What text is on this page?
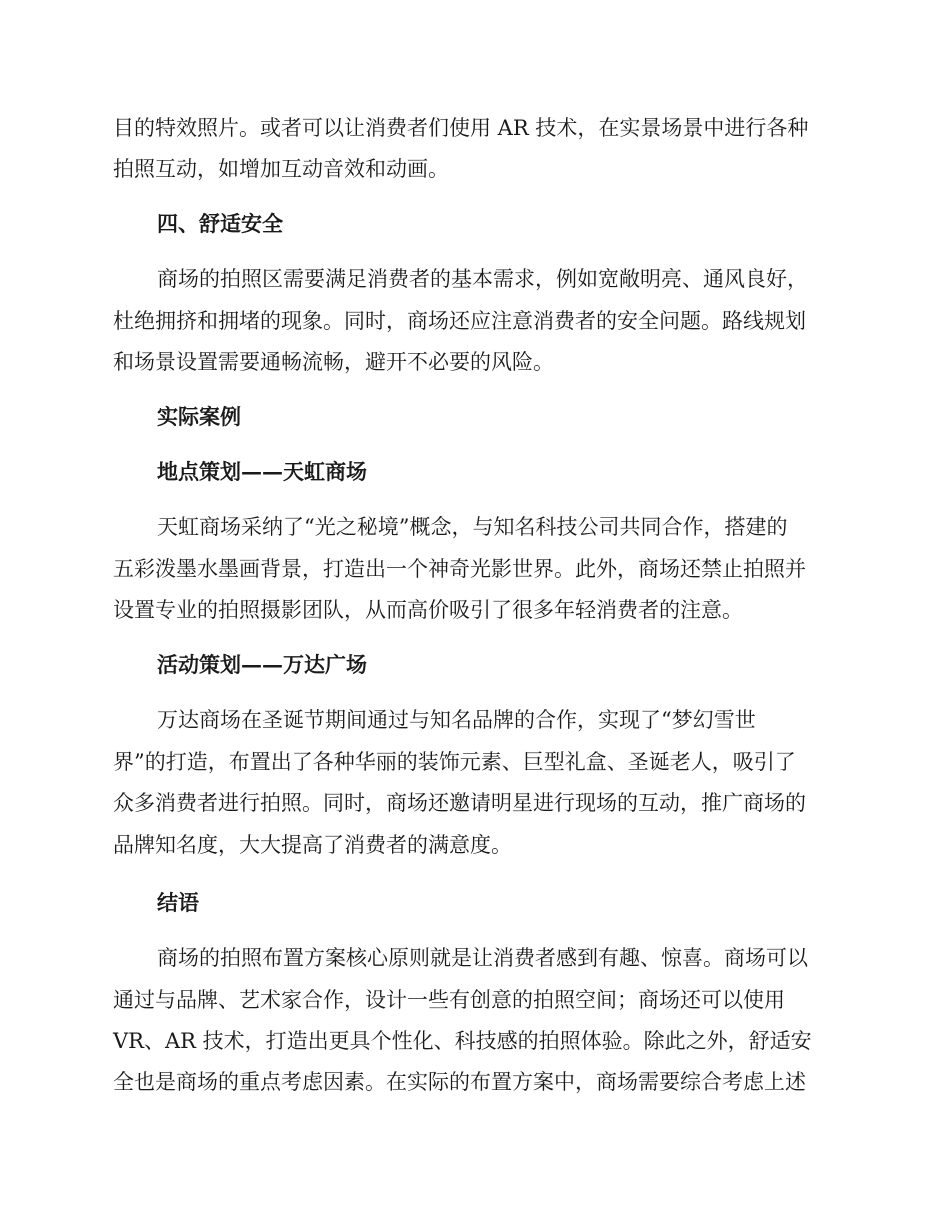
目的特效照片。或者可以让消费者们使用 AR 技术，在实景场景中进行各种
拍照互动，如增加互动音效和动画。
四、舒适安全
商场的拍照区需要满足消费者的基本需求，例如宽敞明亮、通风良好，
杜绝拥挤和拥堵的现象。同时，商场还应注意消费者的安全问题。路线规划
和场景设置需要通畅流畅，避开不必要的风险。
实际案例
地点策划——天虹商场
天虹商场采纳了“光之秘境”概念，与知名科技公司共同合作，搭建的
五彩泼墨水墨画背景，打造出一个神奇光影世界。此外，商场还禁止拍照并
设置专业的拍照摄影团队，从而高价吸引了很多年轻消费者的注意。
活动策划——万达广场
万达商场在圣诞节期间通过与知名品牌的合作，实现了“梦幻雪世
界”的打造，布置出了各种华丽的装饰元素、巨型礼盒、圣诞老人，吸引了
众多消费者进行拍照。同时，商场还邀请明星进行现场的互动，推广商场的
品牌知名度，大大提高了消费者的满意度。
结语
商场的拍照布置方案核心原则就是让消费者感到有趣、惊喜。商场可以
通过与品牌、艺术家合作，设计一些有创意的拍照空间；商场还可以使用
VR、AR 技术，打造出更具个性化、科技感的拍照体验。除此之外，舒适安
全也是商场的重点考虑因素。在实际的布置方案中，商场需要综合考虑上述
